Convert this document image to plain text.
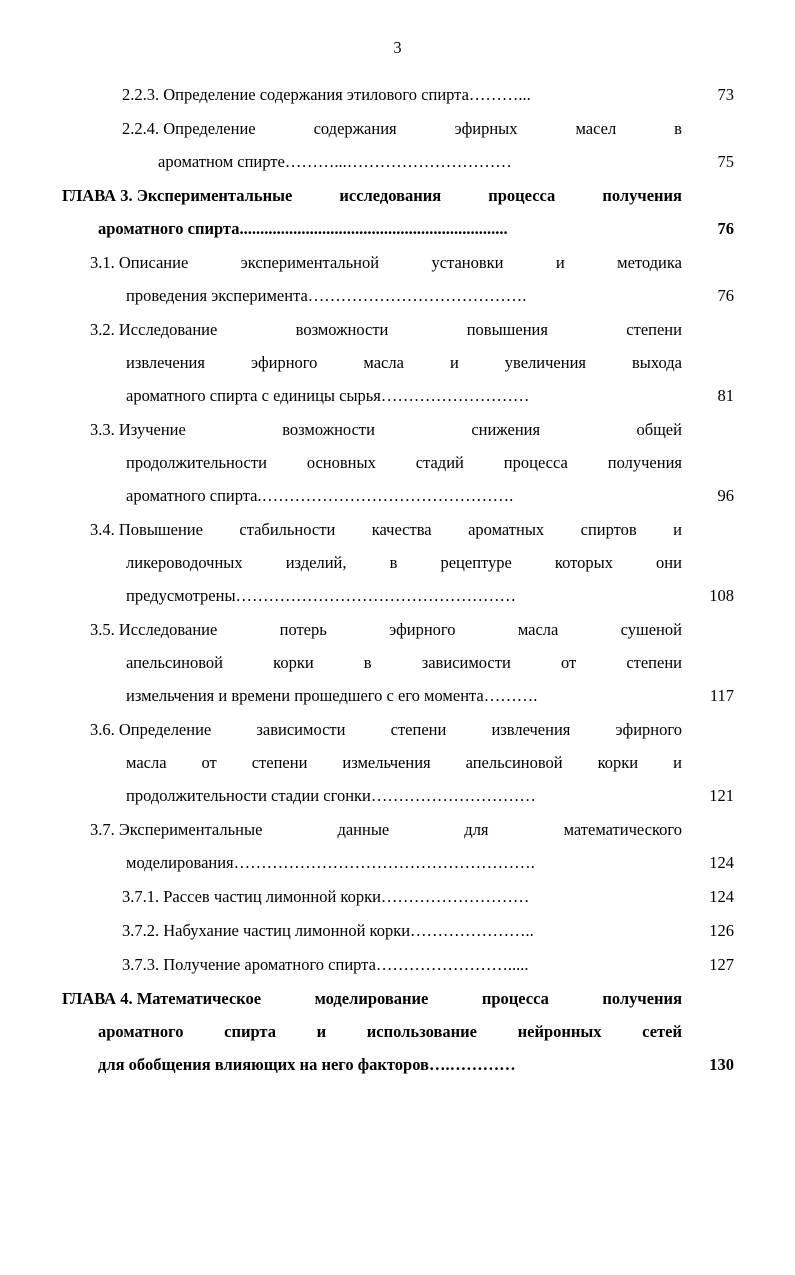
3
2.2.3. Определение содержания этилового спирта………...	73
2.2.4. Определение	содержания	эфирных	масел	в
ароматном спирте………...…………………………	75
ГЛАВА 3. Экспериментальные	исследования	процесса	получения
ароматного спирта.................................................................	76
3.1. Описание	экспериментальной	установки	и	методика
проведения эксперимента………………………………….	76
3.2. Исследование	возможности	повышения	степени
извлечения	эфирного	масла	и	увеличения	выхода
ароматного спирта с единицы сырья………………………	81
3.3. Изучение	возможности	снижения	общей
продолжительности основных стадий процесса получения
ароматного спирта.……………………………………….	96
3.4. Повышение стабильности качества ароматных спиртов и
ликероводочных	изделий,	в	рецептуре	которых	они
предусмотрены……………………………………………	108
3.5. Исследование	потерь	эфирного	масла	сушеной
апельсиновой	корки	в	зависимости	от	степени
измельчения и времени прошедшего с его момента……….	117
3.6. Определение	зависимости	степени	извлечения	эфирного
масла от степени измельчения апельсиновой корки и
продолжительности стадии сгонки…………………………	121
3.7. Экспериментальные	данные	для	математического
моделирования……………………………………………….	124
3.7.1. Рассев частиц лимонной корки………………………	124
3.7.2. Набухание частиц лимонной корки…………………..	126
3.7.3. Получение ароматного спирта…………………….....	127
ГЛАВА 4. Математическое	моделирование	процесса	получения
ароматного спирта и использование нейронных сетей
для обобщения влияющих на него факторов….…………	130
